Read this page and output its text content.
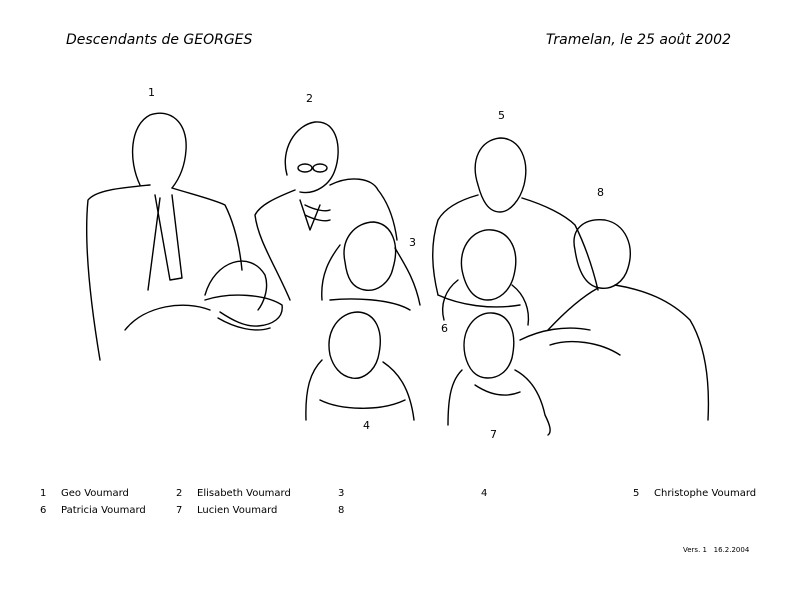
Descendants de GEORGES	Tramelan, le 25 août 2002
1	2
3
4
5
6
7
8
1 Geo Voumard	2 Elisabeth Voumard	3	4	5 Christophe Voumard
6 Patricia Voumard	7 Lucien Voumard	8
Vers. 1 16.2.2004
